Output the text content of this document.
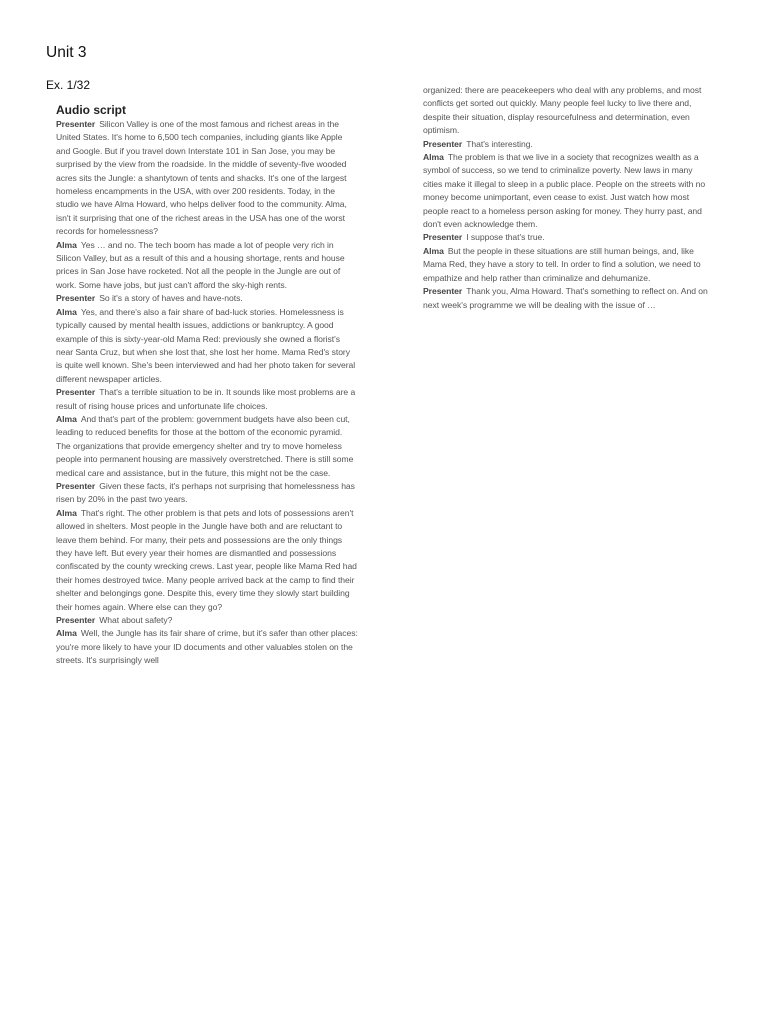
Unit 3
Ex. 1/32
Audio script

Presenter Silicon Valley is one of the most famous and richest areas in the United States. It's home to 6,500 tech companies, including giants like Apple and Google. But if you travel down Interstate 101 in San Jose, you may be surprised by the view from the roadside. In the middle of seventy-five wooded acres sits the Jungle: a shantytown of tents and shacks. It's one of the largest homeless encampments in the USA, with over 200 residents. Today, in the studio we have Alma Howard, who helps deliver food to the community. Alma, isn't it surprising that one of the richest areas in the USA has one of the worst records for homelessness?

Alma Yes … and no. The tech boom has made a lot of people very rich in Silicon Valley, but as a result of this and a housing shortage, rents and house prices in San Jose have rocketed. Not all the people in the Jungle are out of work. Some have jobs, but just can't afford the sky-high rents.

Presenter So it's a story of haves and have-nots.

Alma Yes, and there's also a fair share of bad-luck stories. Homelessness is typically caused by mental health issues, addictions or bankruptcy. A good example of this is sixty-year-old Mama Red: previously she owned a florist's near Santa Cruz, but when she lost that, she lost her home. Mama Red's story is quite well known. She's been interviewed and had her photo taken for several different newspaper articles.

Presenter That's a terrible situation to be in. It sounds like most problems are a result of rising house prices and unfortunate life choices.

Alma And that's part of the problem: government budgets have also been cut, leading to reduced benefits for those at the bottom of the economic pyramid. The organizations that provide emergency shelter and try to move homeless people into permanent housing are massively overstretched. There is still some medical care and assistance, but in the future, this might not be the case.

Presenter Given these facts, it's perhaps not surprising that homelessness has risen by 20% in the past two years.

Alma That's right. The other problem is that pets and lots of possessions aren't allowed in shelters. Most people in the Jungle have both and are reluctant to leave them behind. For many, their pets and possessions are the only things they have left. But every year their homes are dismantled and possessions confiscated by the county wrecking crews. Last year, people like Mama Red had their homes destroyed twice. Many people arrived back at the camp to find their shelter and belongings gone. Despite this, every time they slowly start building their homes again. Where else can they go?

Presenter What about safety?

Alma Well, the Jungle has its fair share of crime, but it's safer than other places: you're more likely to have your ID documents and other valuables stolen on the streets. It's surprisingly well

organized: there are peacekeepers who deal with any problems, and most conflicts get sorted out quickly. Many people feel lucky to live there and, despite their situation, display resourcefulness and determination, even optimism.

Presenter That's interesting.

Alma The problem is that we live in a society that recognizes wealth as a symbol of success, so we tend to criminalize poverty. New laws in many cities make it illegal to sleep in a public place. People on the streets with no money become unimportant, even cease to exist. Just watch how most people react to a homeless person asking for money. They hurry past, and don't even acknowledge them.

Presenter I suppose that's true.

Alma But the people in these situations are still human beings, and, like Mama Red, they have a story to tell. In order to find a solution, we need to empathize and help rather than criminalize and dehumanize.

Presenter Thank you, Alma Howard. That's something to reflect on. And on next week's programme we will be dealing with the issue of …
